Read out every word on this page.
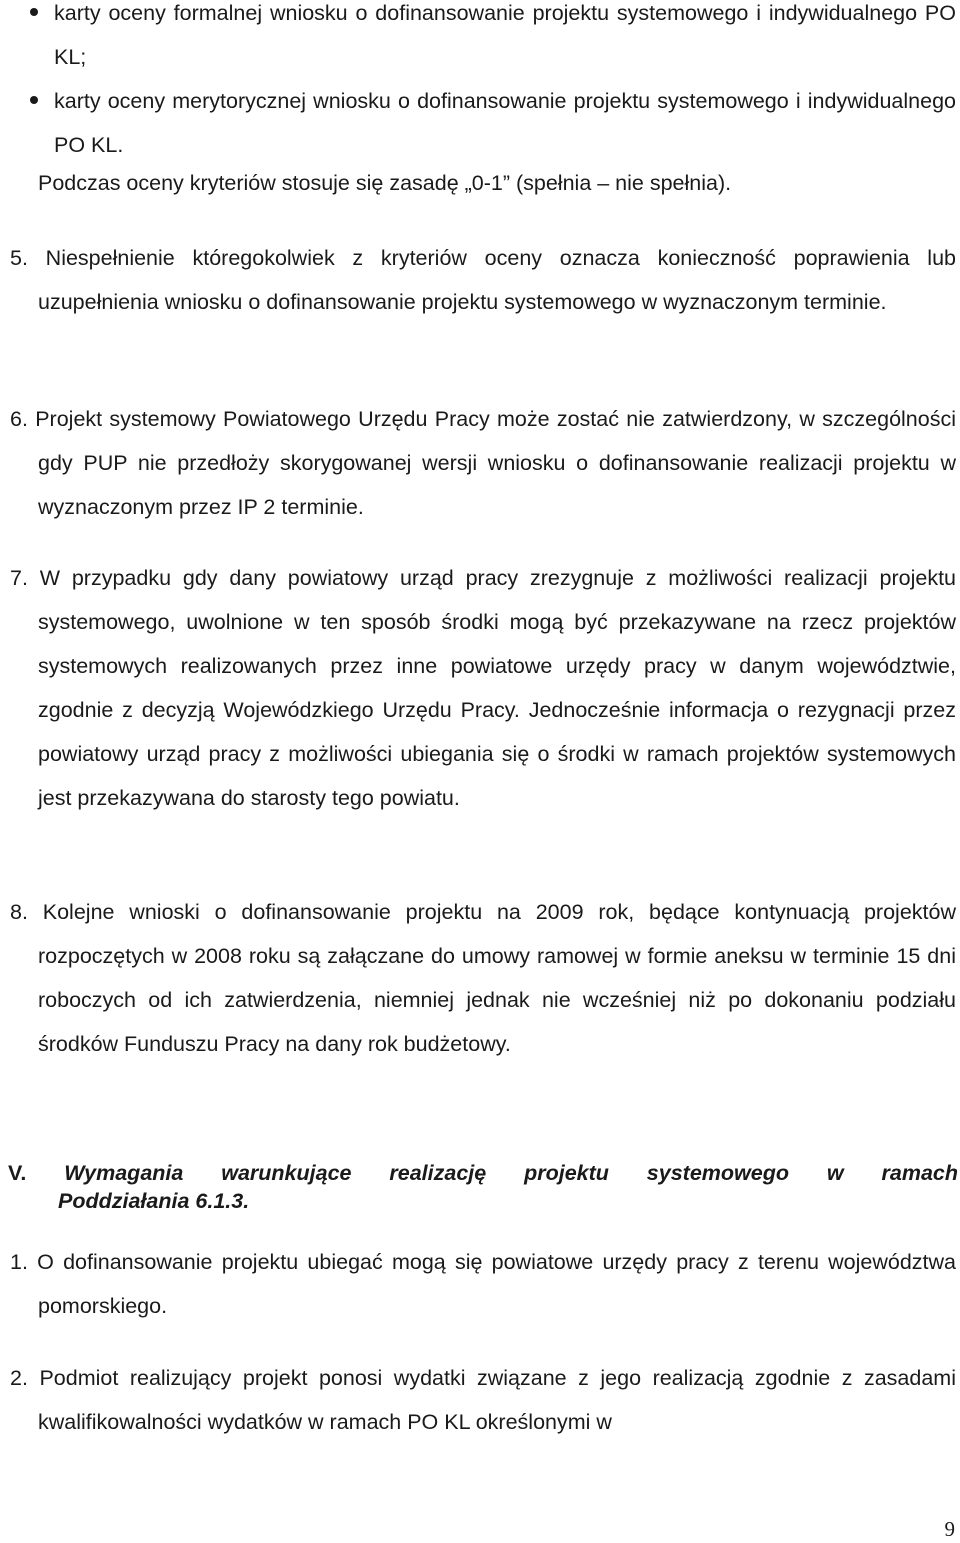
karty oceny formalnej wniosku o dofinansowanie projektu systemowego i indywidualnego PO KL;
karty oceny merytorycznej wniosku o dofinansowanie projektu systemowego i indywidualnego PO KL.

Podczas oceny kryteriów stosuje się zasadę „0-1” (spełnia – nie spełnia).

5. Niespełnienie któregokolwiek z kryteriów oceny oznacza konieczność poprawienia lub uzupełnienia wniosku o dofinansowanie projektu systemowego w wyznaczonym terminie.

6. Projekt systemowy Powiatowego Urzędu Pracy może zostać nie zatwierdzony, w szczególności gdy PUP nie przedłoży skorygowanej wersji wniosku o dofinansowanie realizacji projektu w wyznaczonym przez IP 2 terminie.

7. W przypadku gdy dany powiatowy urząd pracy zrezygnuje z możliwości realizacji projektu systemowego, uwolnione w ten sposób środki mogą być przekazywane na rzecz projektów systemowych realizowanych przez inne powiatowe urzędy pracy w danym województwie, zgodnie z decyzją Wojewódzkiego Urzędu Pracy. Jednocześnie informacja o rezygnacji przez powiatowy urząd pracy z możliwości ubiegania się o środki w ramach projektów systemowych jest przekazywana do starosty tego powiatu.

8. Kolejne wnioski o dofinansowanie projektu na 2009 rok, będące kontynuacją projektów rozpoczętych w 2008 roku są załączane do umowy ramowej w formie aneksu w terminie 15 dni roboczych od ich zatwierdzenia, niemniej jednak nie wcześniej niż po dokonaniu podziału środków Funduszu Pracy na dany rok budżetowy.

V. Wymagania warunkujące realizację projektu systemowego w ramach
Poddziałania 6.1.3.

1. O dofinansowanie projektu ubiegać mogą się powiatowe urzędy pracy z terenu województwa pomorskiego.

2. Podmiot realizujący projekt ponosi wydatki związane z jego realizacją zgodnie z zasadami kwalifikowalności wydatków w ramach PO KL określonymi w

9
